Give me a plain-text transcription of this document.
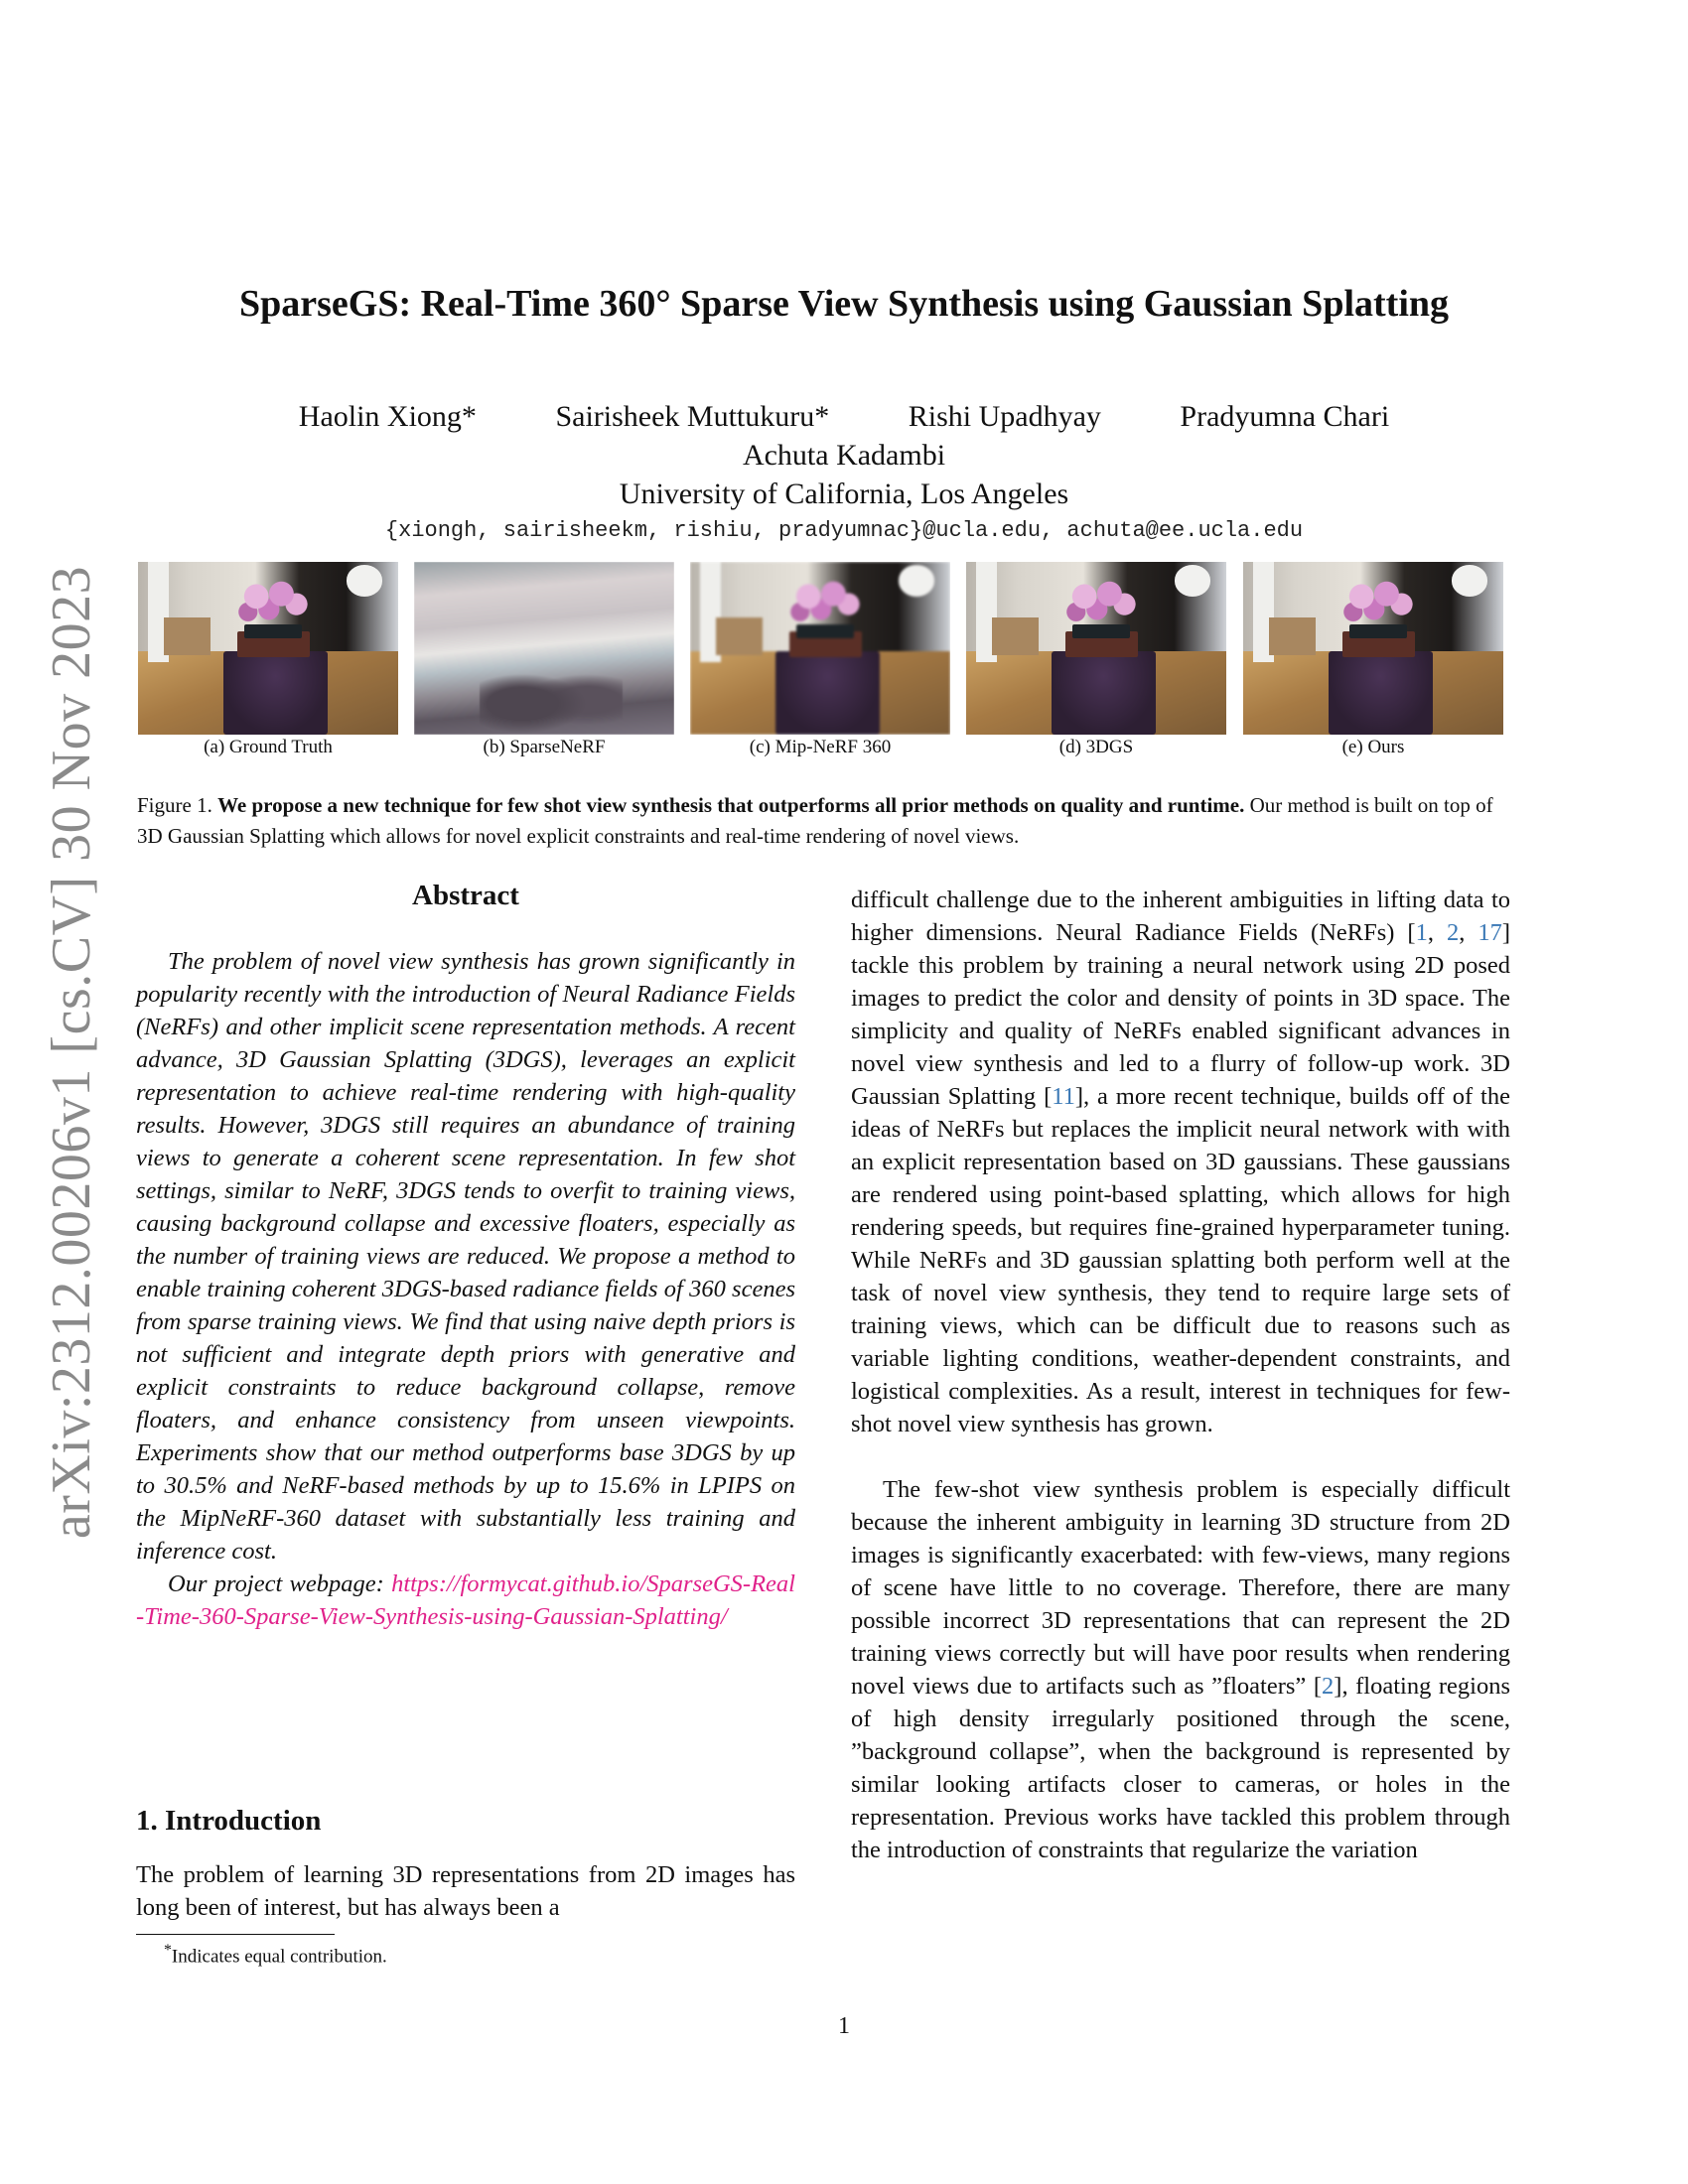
arXiv:2312.00206v1 [cs.CV] 30 Nov 2023
SparseGS: Real-Time 360° Sparse View Synthesis using Gaussian Splatting
Haolin Xiong*	Sairisheek Muttukuru*	Rishi Upadhyay	Pradyumna Chari
Achuta Kadambi
University of California, Los Angeles
{xiongh, sairisheekm, rishiu, pradyumnac}@ucla.edu, achuta@ee.ucla.edu
(a) Ground Truth	(b) SparseNeRF	(c) Mip-NeRF 360	(d) 3DGS	(e) Ours
Figure 1. We propose a new technique for few shot view synthesis that outperforms all prior methods on quality and runtime. Our method is built on top of 3D Gaussian Splatting which allows for novel explicit constraints and real-time rendering of novel views.
Abstract

The problem of novel view synthesis has grown significantly in popularity recently with the introduction of Neural Radiance Fields (NeRFs) and other implicit scene representation methods. A recent advance, 3D Gaussian Splatting (3DGS), leverages an explicit representation to achieve real-time rendering with high-quality results. However, 3DGS still requires an abundance of training views to generate a coherent scene representation. In few shot settings, similar to NeRF, 3DGS tends to overfit to training views, causing background collapse and excessive floaters, especially as the number of training views are reduced. We propose a method to enable training coherent 3DGS-based radiance fields of 360 scenes from sparse training views. We find that using naive depth priors is not sufficient and integrate depth priors with generative and explicit constraints to reduce background collapse, remove floaters, and enhance consistency from unseen viewpoints. Experiments show that our method outperforms base 3DGS by up to 30.5% and NeRF-based methods by up to 15.6% in LPIPS on the MipNeRF-360 dataset with substantially less training and inference cost.

Our project webpage: https://formycat.github.io/SparseGS-Real-Time-360-Sparse-View-Synthesis-using-Gaussian-Splatting/

1. Introduction

The problem of learning 3D representations from 2D images has long been of interest, but has always been a

*Indicates equal contribution.

difficult challenge due to the inherent ambiguities in lifting data to higher dimensions. Neural Radiance Fields (NeRFs) [1, 2, 17] tackle this problem by training a neural network using 2D posed images to predict the color and density of points in 3D space. The simplicity and quality of NeRFs enabled significant advances in novel view synthesis and led to a flurry of follow-up work. 3D Gaussian Splatting [11], a more recent technique, builds off of the ideas of NeRFs but replaces the implicit neural network with with an explicit representation based on 3D gaussians. These gaussians are rendered using point-based splatting, which allows for high rendering speeds, but requires fine-grained hyperparameter tuning. While NeRFs and 3D gaussian splatting both perform well at the task of novel view synthesis, they tend to require large sets of training views, which can be difficult due to reasons such as variable lighting conditions, weather-dependent constraints, and logistical complexities. As a result, interest in techniques for few-shot novel view synthesis has grown.

The few-shot view synthesis problem is especially difficult because the inherent ambiguity in learning 3D structure from 2D images is significantly exacerbated: with few-views, many regions of scene have little to no coverage. Therefore, there are many possible incorrect 3D representations that can represent the 2D training views correctly but will have poor results when rendering novel views due to artifacts such as ”floaters” [2], floating regions of high density irregularly positioned through the scene, ”background collapse”, when the background is represented by similar looking artifacts closer to cameras, or holes in the representation. Previous works have tackled this problem through the introduction of constraints that regularize the variation

1
